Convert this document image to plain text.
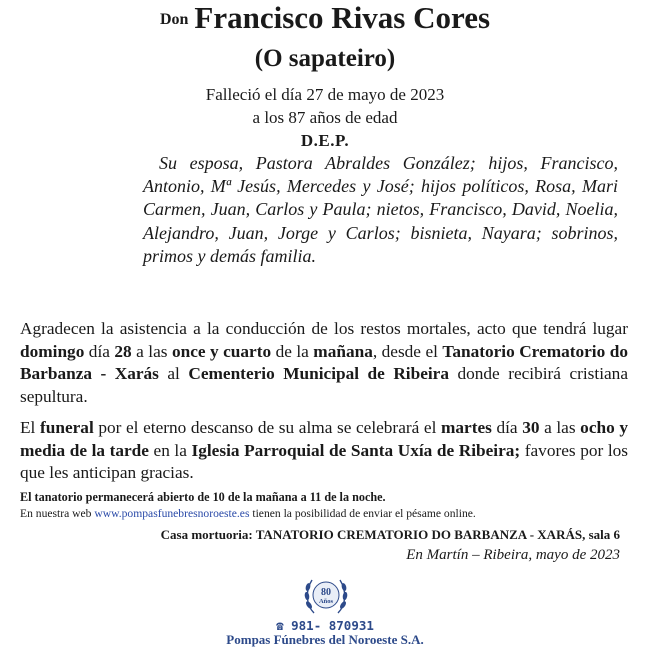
Don Francisco Rivas Cores
(O sapateiro)
Falleció el día 27 de mayo de 2023
a los 87 años de edad
D.E.P.

Su esposa, Pastora Abraldes González; hijos, Francisco, Antonio, Mª Jesús, Mercedes y José; hijos políticos, Rosa, Mari Carmen, Juan, Carlos y Paula; nietos, Francisco, David, Noelia, Alejandro, Juan, Jorge y Carlos; bisnieta, Nayara; sobrinos, primos y demás familia.

Agradecen la asistencia a la conducción de los restos mortales, acto que tendrá lugar domingo día 28 a las once y cuarto de la mañana, desde el Tanatorio Crematorio do Barbanza - Xarás al Cementerio Municipal de Ribeira donde recibirá cristiana sepultura.

El funeral por el eterno descanso de su alma se celebrará el martes día 30 a las ocho y media de la tarde en la Iglesia Parroquial de Santa Uxía de Ribeira; favores por los que les anticipan gracias.

El tanatorio permanecerá abierto de 10 de la mañana a 11 de la noche.
En nuestra web www.pompasfunebresnoroeste.es tienen la posibilidad de enviar el pésame online.
Casa mortuoria: TANATORIO CREMATORIO DO BARBANZA - XARÁS, sala 6
En Martín – Ribeira, mayo de 2023
80
Años
☎ 981- 870931
Pompas Fúnebres del Noroeste S.A.
